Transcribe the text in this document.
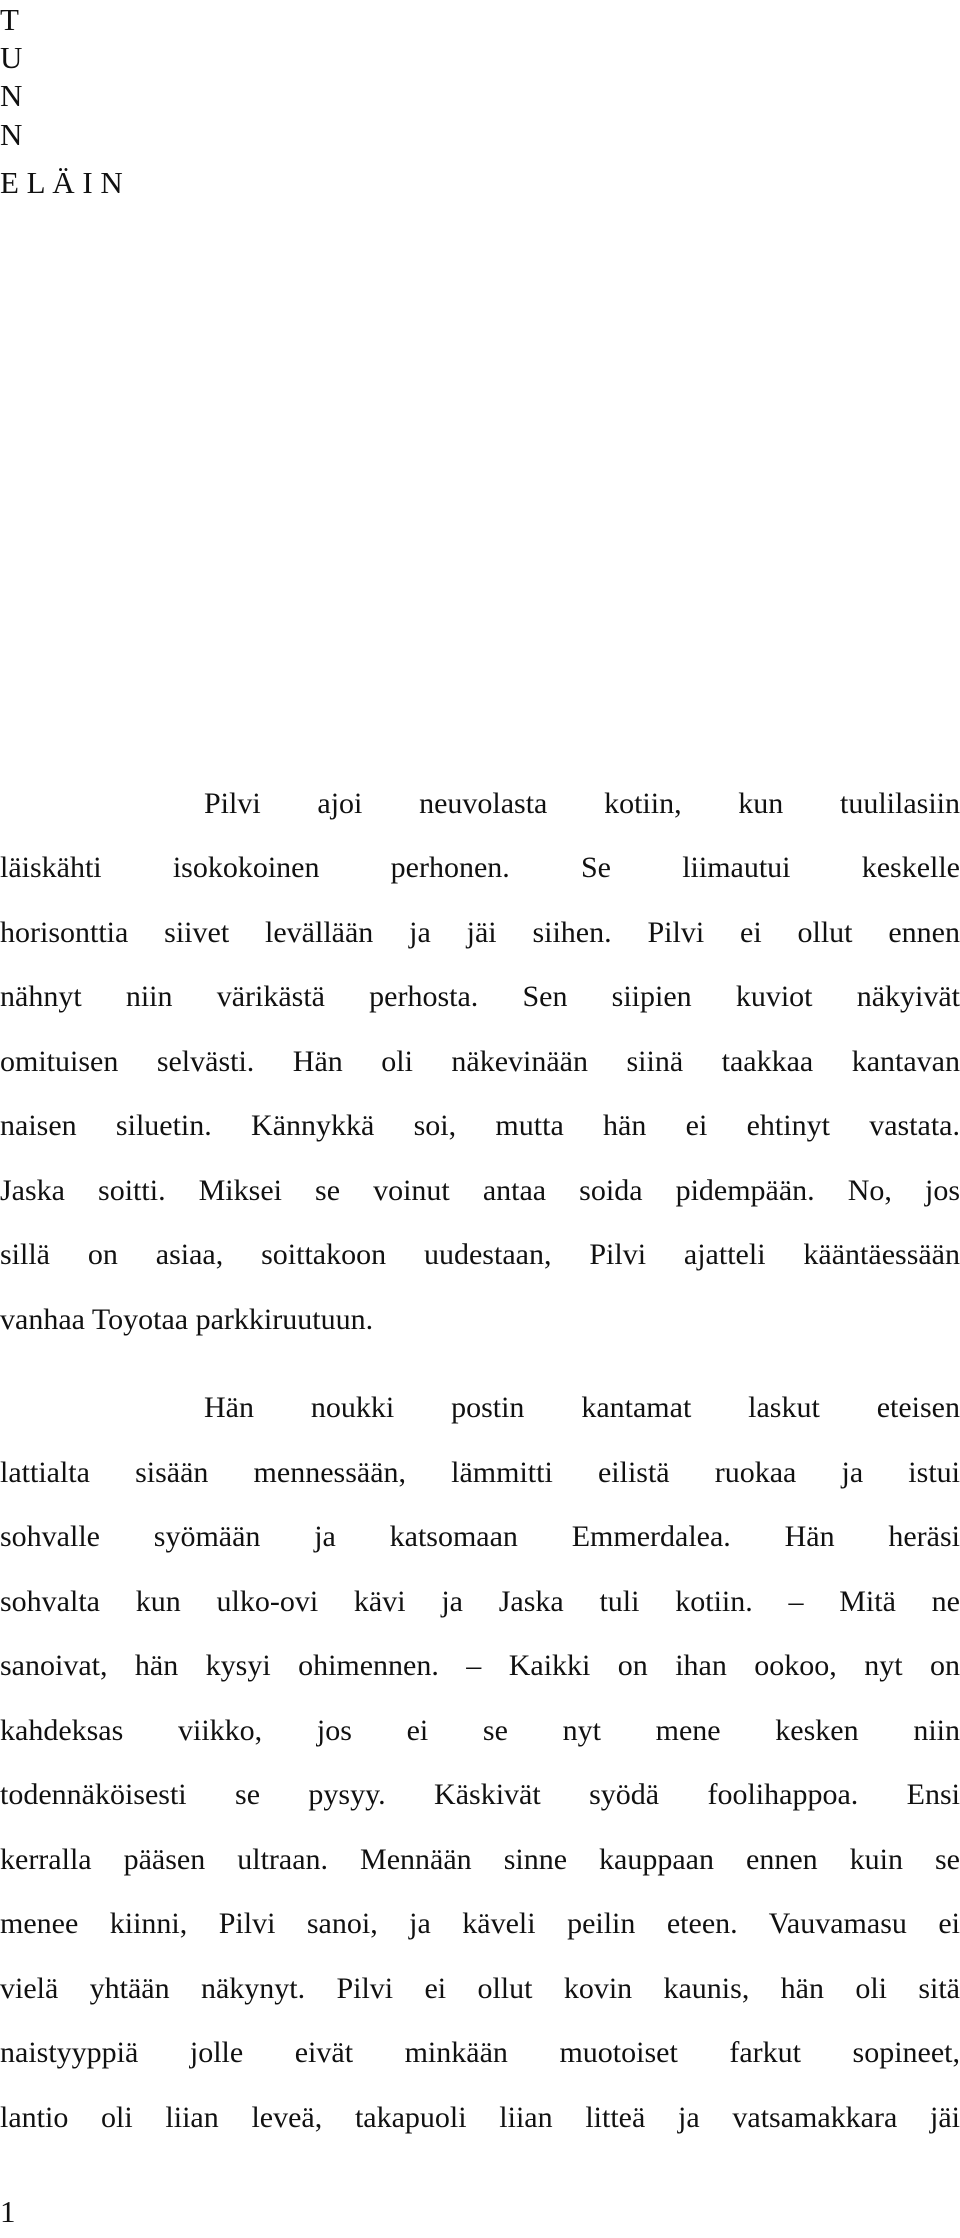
T
U
N
N
E L Ä I N
Pilvi ajoi neuvolasta kotiin, kun tuulilasiin
läiskähti isokokoinen perhonen. Se liimautui keskelle
horisonttia siivet levällään ja jäi siihen. Pilvi ei ollut ennen
nähnyt niin värikästä perhosta. Sen siipien kuviot näkyivät
omituisen selvästi. Hän oli näkevinään siinä taakkaa kantavan
naisen siluetin. Kännykkä soi, mutta hän ei ehtinyt vastata.
Jaska soitti. Miksei se voinut antaa soida pidempään. No, jos
sillä on asiaa, soittakoon uudestaan, Pilvi ajatteli kääntäessään
vanhaa Toyotaa parkkiruutuun.
Hän noukki postin kantamat laskut eteisen
lattialta sisään mennessään, lämmitti eilistä ruokaa ja istui
sohvalle syömään ja katsomaan Emmerdalea. Hän heräsi
sohvalta kun ulko-ovi kävi ja Jaska tuli kotiin. – Mitä ne
sanoivat, hän kysyi ohimennen. – Kaikki on ihan ookoo, nyt on
kahdeksas viikko, jos ei se nyt mene kesken niin
todennäköisesti se pysyy. Käskivät syödä foolihappoa. Ensi
kerralla pääsen ultraan. Mennään sinne kauppaan ennen kuin se
menee kiinni, Pilvi sanoi, ja käveli peilin eteen. Vauvamasu ei
vielä yhtään näkynyt. Pilvi ei ollut kovin kaunis, hän oli sitä
naistyyppiä jolle eivät minkään muotoiset farkut sopineet,
lantio oli liian leveä, takapuoli liian litteä ja vatsamakkara jäi
1
